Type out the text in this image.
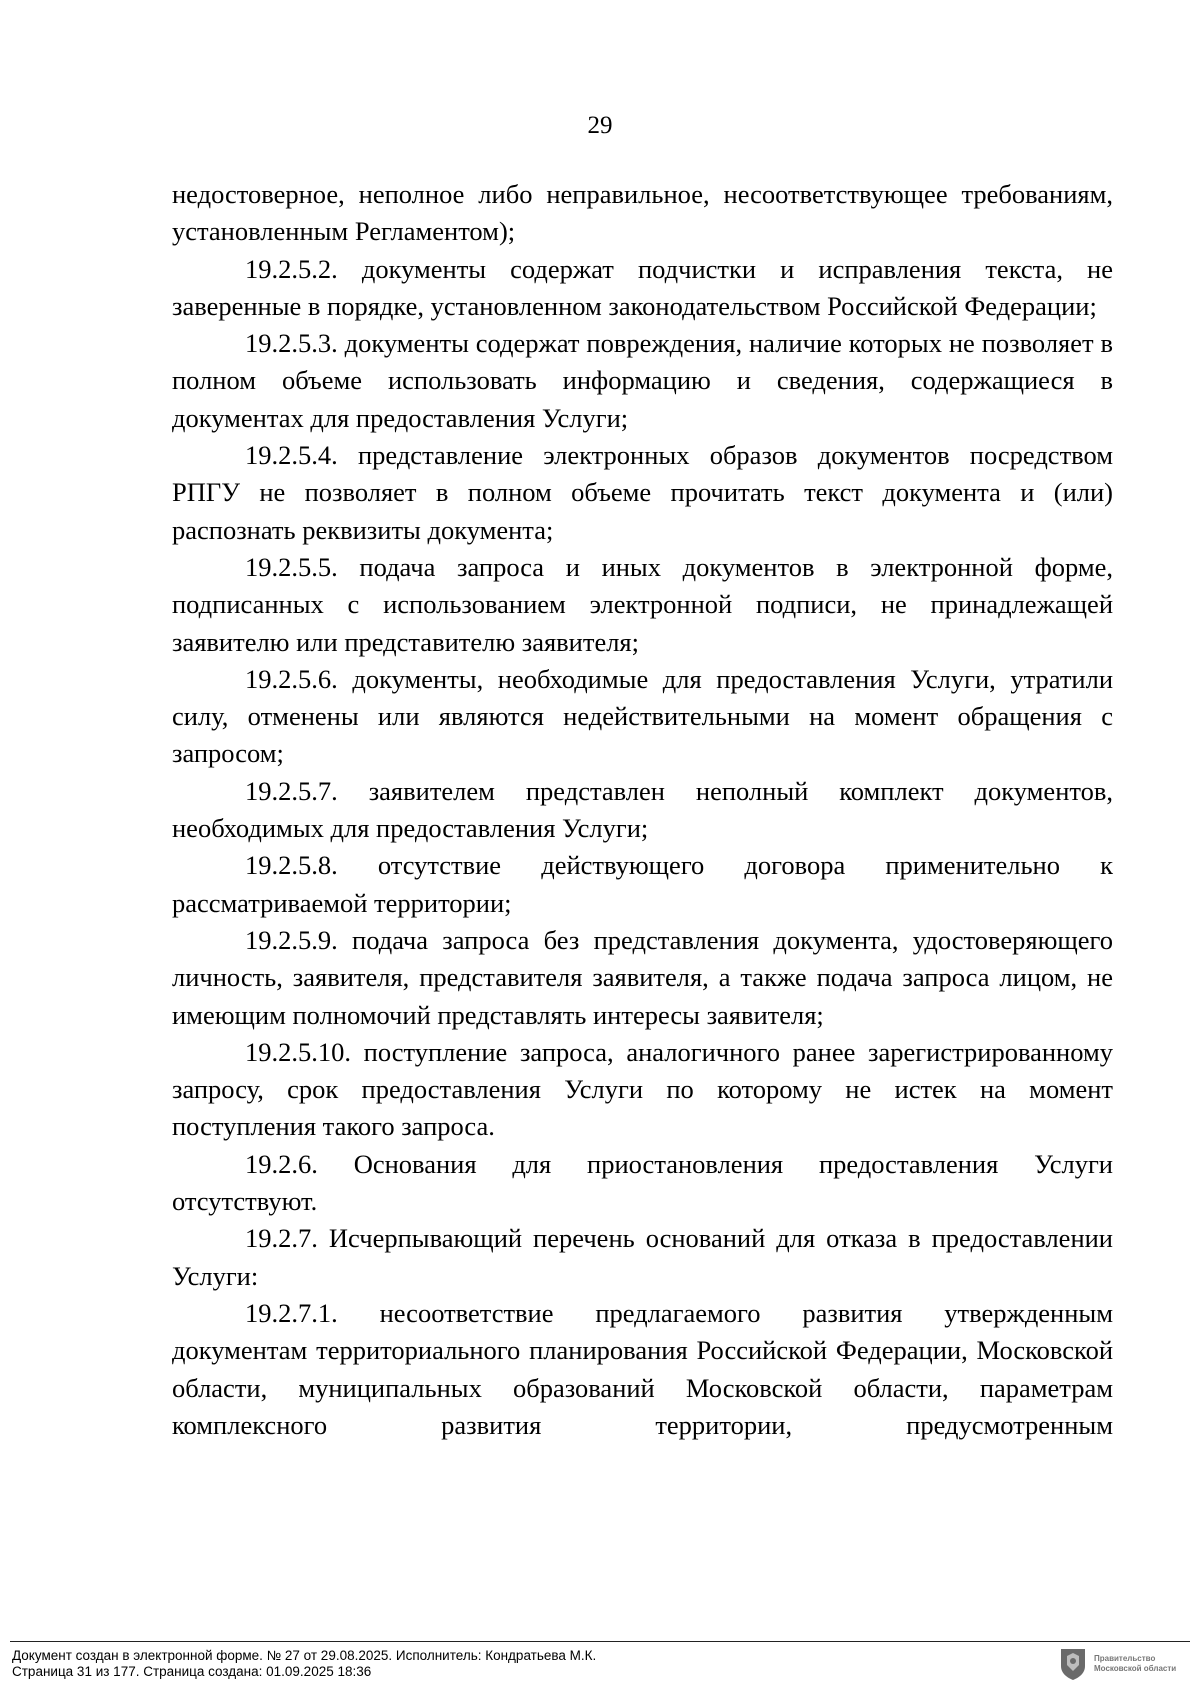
29

недостоверное, неполное либо неправильное, несоответствующее требованиям, установленным Регламентом);

19.2.5.2. документы содержат подчистки и исправления текста, не заверенные в порядке, установленном законодательством Российской Федерации;

19.2.5.3. документы содержат повреждения, наличие которых не позволяет в полном объеме использовать информацию и сведения, содержащиеся в документах для предоставления Услуги;

19.2.5.4. представление электронных образов документов посредством РПГУ не позволяет в полном объеме прочитать текст документа и (или) распознать реквизиты документа;

19.2.5.5. подача запроса и иных документов в электронной форме, подписанных с использованием электронной подписи, не принадлежащей заявителю или представителю заявителя;

19.2.5.6. документы, необходимые для предоставления Услуги, утратили силу, отменены или являются недействительными на момент обращения с запросом;

19.2.5.7. заявителем представлен неполный комплект документов, необходимых для предоставления Услуги;

19.2.5.8. отсутствие действующего договора применительно к рассматриваемой территории;

19.2.5.9. подача запроса без представления документа, удостоверяющего личность, заявителя, представителя заявителя, а также подача запроса лицом, не имеющим полномочий представлять интересы заявителя;

19.2.5.10. поступление запроса, аналогичного ранее зарегистрированному запросу, срок предоставления Услуги по которому не истек на момент поступления такого запроса.

19.2.6. Основания для приостановления предоставления Услуги отсутствуют.

19.2.7. Исчерпывающий перечень оснований для отказа в предоставлении Услуги:

19.2.7.1. несоответствие предлагаемого развития утвержденным документам территориального планирования Российской Федерации, Московской области, муниципальных образований Московской области, параметрам комплексного развития территории, предусмотренным

Документ создан в электронной форме. № 27 от 29.08.2025. Исполнитель: Кондратьева М.К.
Страница 31 из 177. Страница создана: 01.09.2025 18:36
Правительство
Московской области
